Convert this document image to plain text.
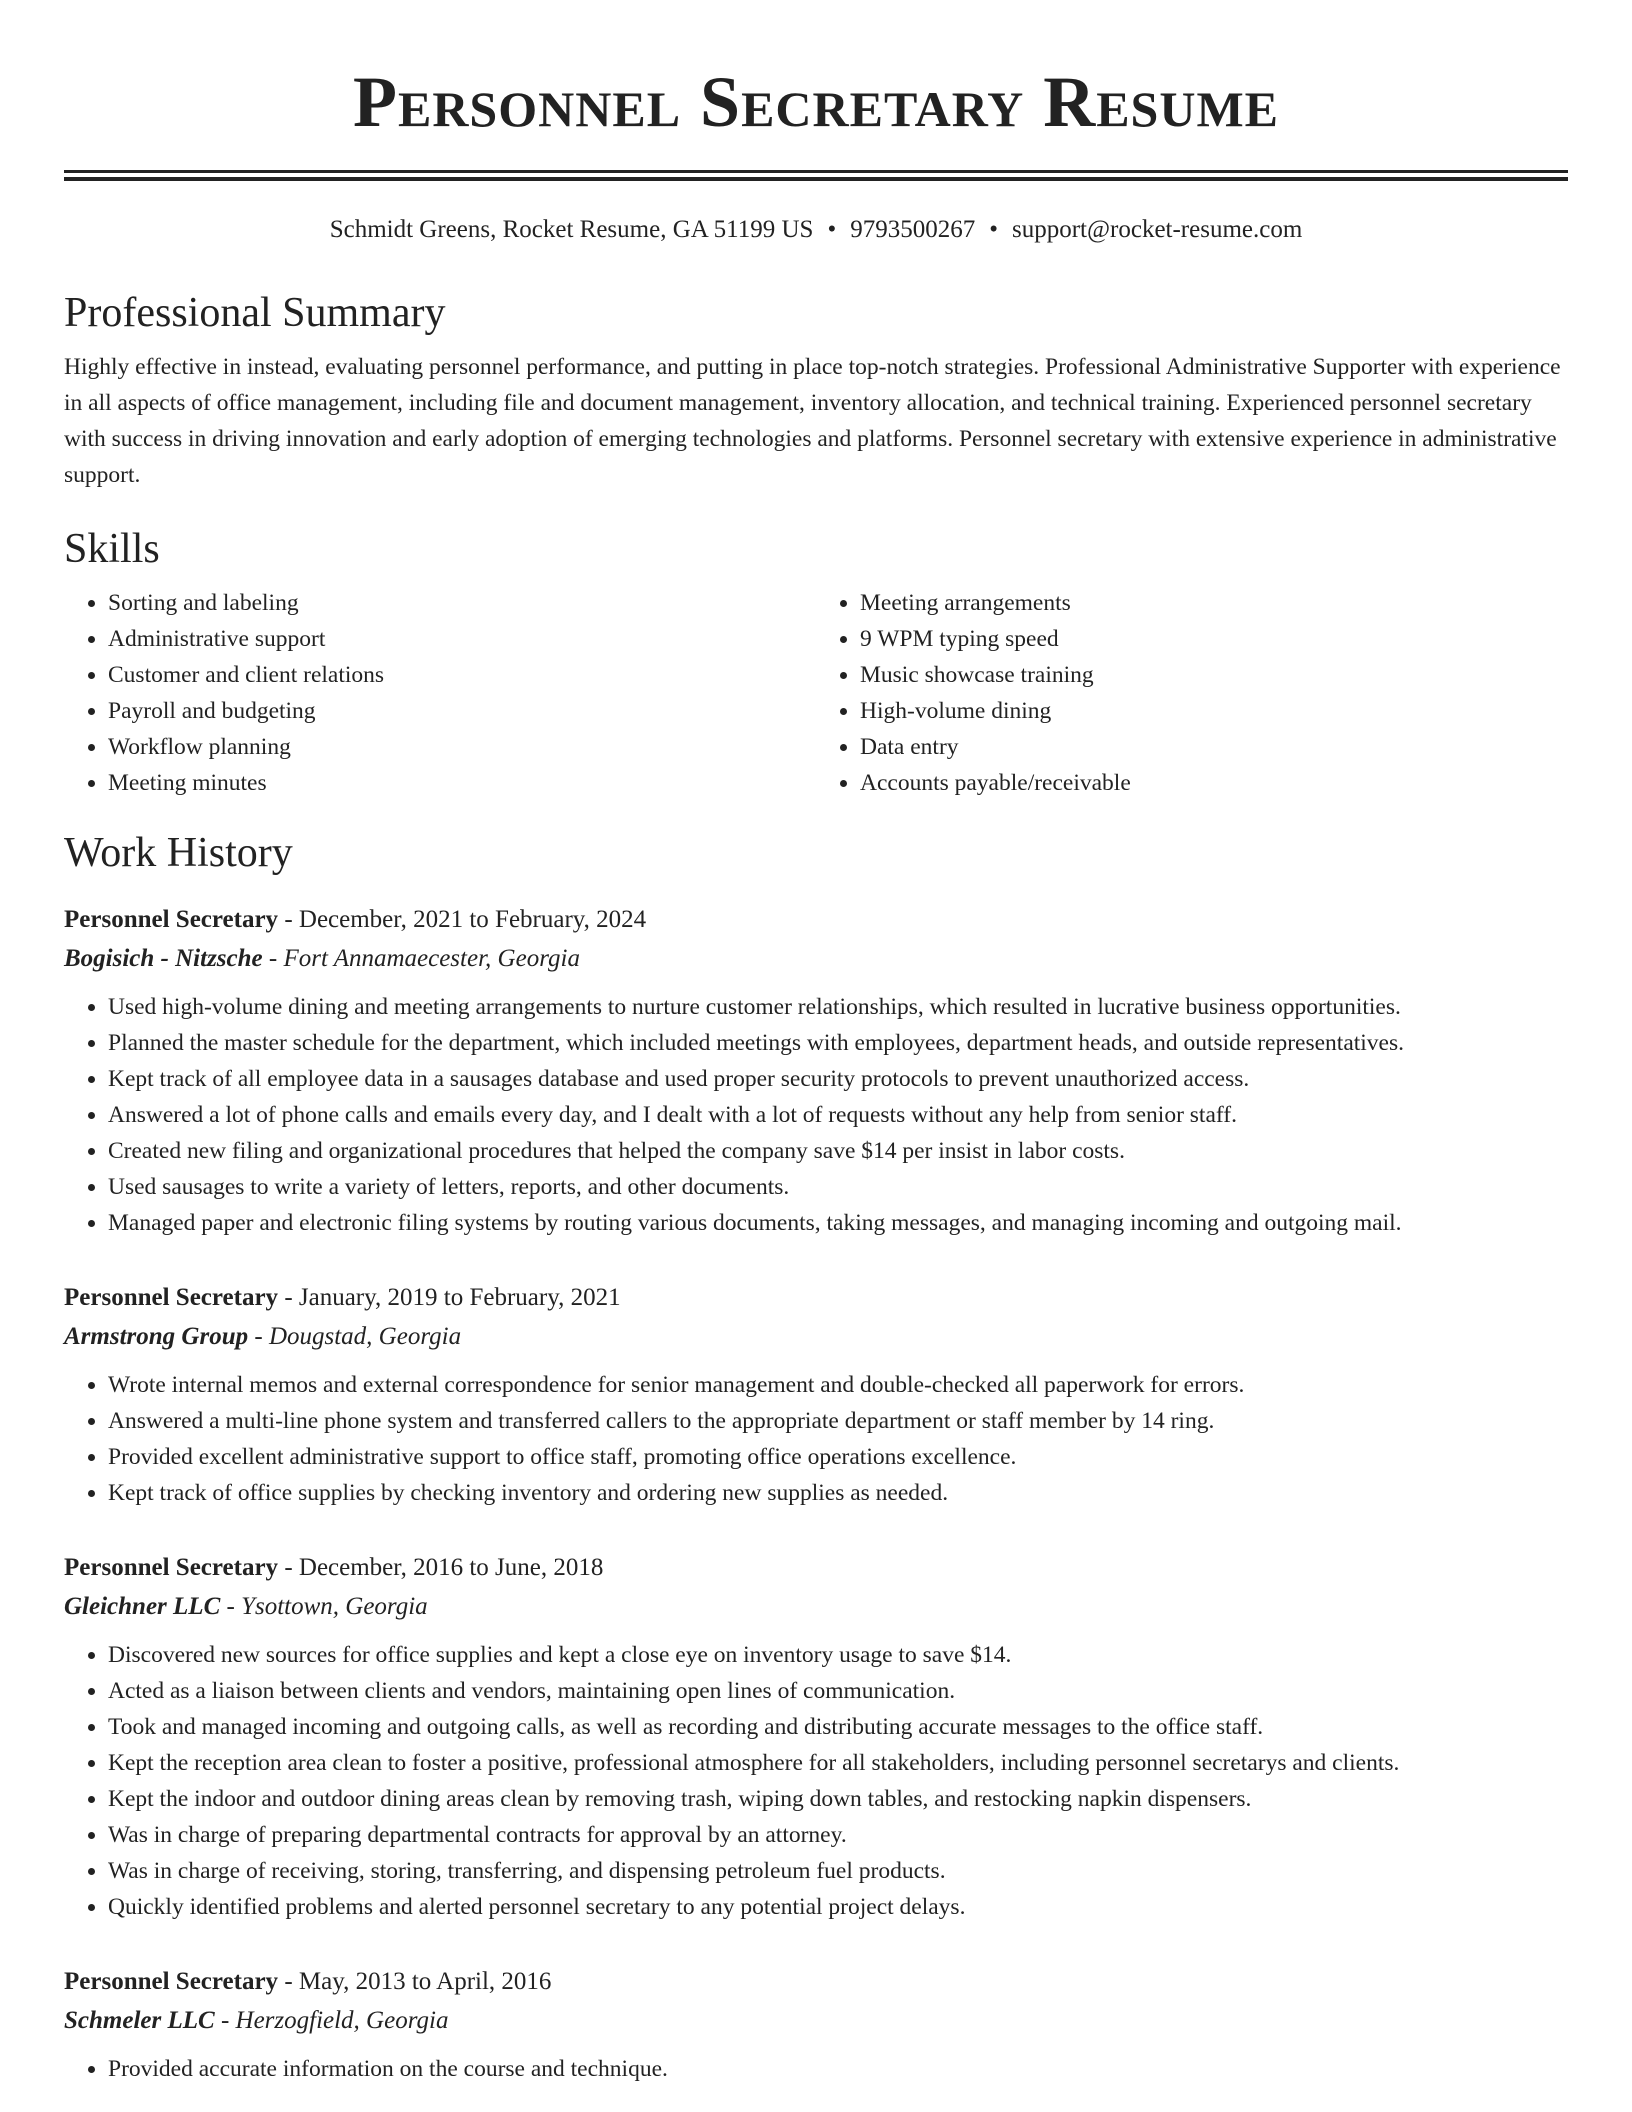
Personnel Secretary Resume
Schmidt Greens, Rocket Resume, GA 51199 US • 9793500267 • support@rocket-resume.com
Professional Summary

Highly effective in instead, evaluating personnel performance, and putting in place top-notch strategies. Professional Administrative Supporter with experience in all aspects of office management, including file and document management, inventory allocation, and technical training. Experienced personnel secretary with success in driving innovation and early adoption of emerging technologies and platforms. Personnel secretary with extensive experience in administrative support.

Skills
• Sorting and labeling
• Administrative support
• Customer and client relations
• Payroll and budgeting
• Workflow planning
• Meeting minutes
• Meeting arrangements
• 9 WPM typing speed
• Music showcase training
• High-volume dining
• Data entry
• Accounts payable/receivable
Work History
Personnel Secretary - December, 2021 to February, 2024
Bogisich - Nitzsche - Fort Annamaecester, Georgia
• Used high-volume dining and meeting arrangements to nurture customer relationships, which resulted in lucrative business opportunities.
• Planned the master schedule for the department, which included meetings with employees, department heads, and outside representatives.
• Kept track of all employee data in a sausages database and used proper security protocols to prevent unauthorized access.
• Answered a lot of phone calls and emails every day, and I dealt with a lot of requests without any help from senior staff.
• Created new filing and organizational procedures that helped the company save $14 per insist in labor costs.
• Used sausages to write a variety of letters, reports, and other documents.
• Managed paper and electronic filing systems by routing various documents, taking messages, and managing incoming and outgoing mail.
Personnel Secretary - January, 2019 to February, 2021
Armstrong Group - Dougstad, Georgia
• Wrote internal memos and external correspondence for senior management and double-checked all paperwork for errors.
• Answered a multi-line phone system and transferred callers to the appropriate department or staff member by 14 ring.
• Provided excellent administrative support to office staff, promoting office operations excellence.
• Kept track of office supplies by checking inventory and ordering new supplies as needed.
Personnel Secretary - December, 2016 to June, 2018
Gleichner LLC - Ysottown, Georgia
• Discovered new sources for office supplies and kept a close eye on inventory usage to save $14.
• Acted as a liaison between clients and vendors, maintaining open lines of communication.
• Took and managed incoming and outgoing calls, as well as recording and distributing accurate messages to the office staff.
• Kept the reception area clean to foster a positive, professional atmosphere for all stakeholders, including personnel secretarys and clients.
• Kept the indoor and outdoor dining areas clean by removing trash, wiping down tables, and restocking napkin dispensers.
• Was in charge of preparing departmental contracts for approval by an attorney.
• Was in charge of receiving, storing, transferring, and dispensing petroleum fuel products.
• Quickly identified problems and alerted personnel secretary to any potential project delays.
Personnel Secretary - May, 2013 to April, 2016
Schmeler LLC - Herzogfield, Georgia
• Provided accurate information on the course and technique.
